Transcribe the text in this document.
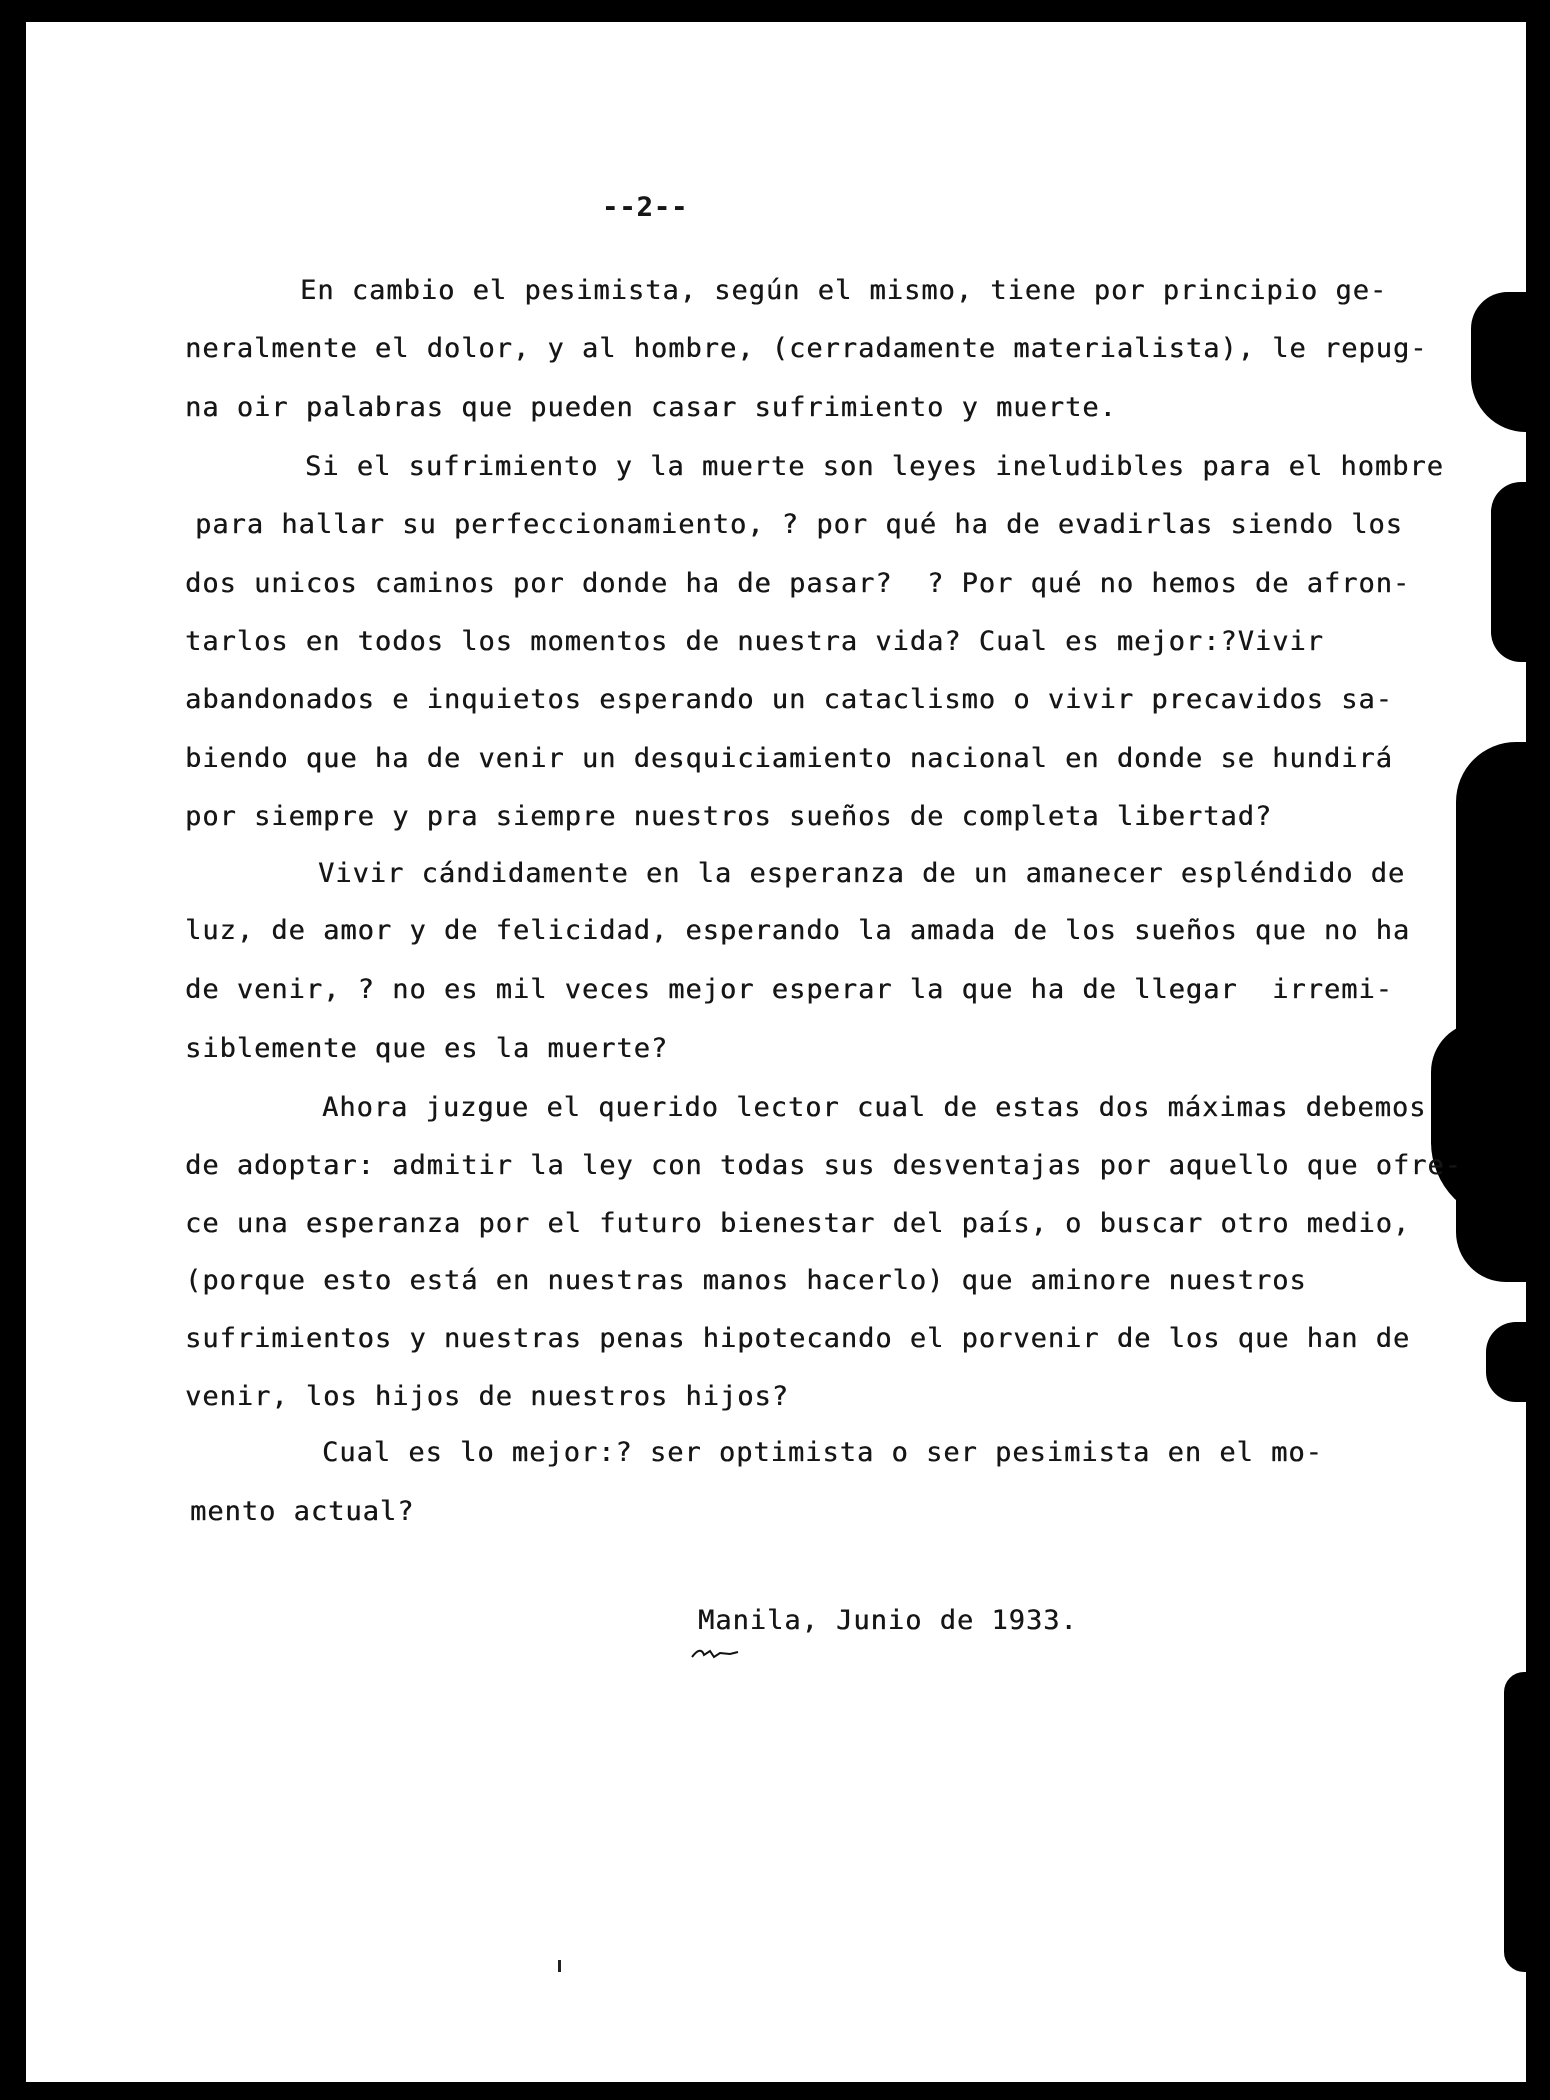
--2--
En cambio el pesimista, según el mismo, tiene por principio ge-
neralmente el dolor, y al hombre, (cerradamente materialista), le repug-
na oir palabras que pueden casar sufrimiento y muerte.
Si el sufrimiento y la muerte son leyes ineludibles para el hombre
para hallar su perfeccionamiento, ? por qué ha de evadirlas siendo los
dos unicos caminos por donde ha de pasar?  ? Por qué no hemos de afron-
tarlos en todos los momentos de nuestra vida? Cual es mejor:?Vivir
abandonados e inquietos esperando un cataclismo o vivir precavidos sa-
biendo que ha de venir un desquiciamiento nacional en donde se hundirá
por siempre y pra siempre nuestros sueños de completa libertad?
Vivir cándidamente en la esperanza de un amanecer espléndido de
luz, de amor y de felicidad, esperando la amada de los sueños que no ha
de venir, ? no es mil veces mejor esperar la que ha de llegar  irremi-
siblemente que es la muerte?
Ahora juzgue el querido lector cual de estas dos máximas debemos
de adoptar: admitir la ley con todas sus desventajas por aquello que ofre-
ce una esperanza por el futuro bienestar del país, o buscar otro medio,
(porque esto está en nuestras manos hacerlo) que aminore nuestros
sufrimientos y nuestras penas hipotecando el porvenir de los que han de
venir, los hijos de nuestros hijos?
Cual es lo mejor:? ser optimista o ser pesimista en el mo-
mento actual?
Manila, Junio de 1933.
